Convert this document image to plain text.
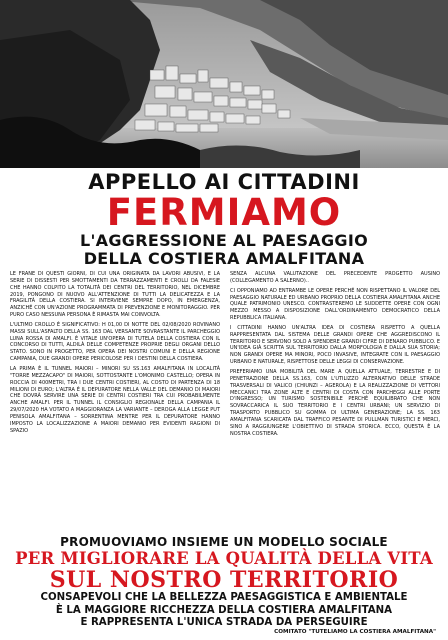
APPELLO AI CITTADINI
FERMIAMO
L'AGGRESSIONE AL PAESAGGIO
DELLA COSTIERA AMALFITANA

LE FRANE DI QUESTI GIORNI, DI CUI UNA ORIGINATA DA LAVORI ABUSIVI, E LA SERIE DI DISSESTI PER SMOTTAMENTI DA TERRAZZAMENTI E CROLLI DA FALESIE CHE HANNO COLPITO LA TOTALITÀ DEI CENTRI DEL TERRITORIO, NEL DICEMBRE 2019, PONGONO DI NUOVO ALL'ATTENZIONE DI TUTTI LA DELICATEZZA E LA FRAGILITÀ DELLA COSTIERA. SI INTERVIENE SEMPRE DOPO, IN EMERGENZA, ANZICHÉ CON UN'AZIONE PROGRAMMATA DI PREVENZIONE E MONITORAGGIO. PER PURO CASO NESSUNA PERSONA È RIMASTA MAI COINVOLTA.

L'ULTIMO CROLLO È SIGNIFICATIVO: H 01,00 DI NOTTE DEL 02/08/2020 ROVINANO MASSI SULL'ASFALTO DELLA SS. 163 DAL VERSANTE SOVRASTANTE IL PARCHEGGIO LUNA ROSSA DI AMALFI. È VITALE UN'OPERA DI TUTELA DELLA COSTIERA CON IL CONCORSO DI TUTTI, ALDILÀ DELLE COMPETENZE PROPRIE DEGLI ORGANI DELLO STATO. SONO IN PROGETTO, PER OPERA DEI NOSTRI COMUNI E DELLA REGIONE CAMPANIA, DUE GRANDI OPERE PERICOLOSE PER I DESTINI DELLA COSTIERA.

LA PRIMA È IL TUNNEL MAIORI – MINORI SU SS.163 AMALFITANA IN LOCALITÀ "TORRE MEZZACAPO" DI MAIORI, SOTTOSTANTE L'OMONIMO CASTELLO; OPERA IN ROCCIA DI 400METRI, TRA I DUE CENTRI COSTIERI, AL COSTO DI PARTENZA DI 18 MILIONI DI EURO; L'ALTRA È IL DEPURATORE NELLA VALLE DEL DEMANIO DI MAIORI CHE DOVRÀ SERVIRE UNA SERIE DI CENTRI COSTIERI TRA CUI PROBABILMENTE ANCHE AMALFI. PER IL TUNNEL IL CONSIGLIO REGIONALE DELLA CAMPANIA IL 29/07/2020 HA VOTATO A MAGGIORANZA LA VARIANTE – DEROGA ALLA LEGGE PUT PENISOLA AMALFITANA – SORRENTINA MENTRE PER IL DEPURATORE HANNO IMPOSTO LA LOCALIZZAZIONE A MAIORI DEMANIO PER EVIDENTI RAGIONI DI SPAZIO

SENZA ALCUNA VALUTAZIONE DEL PRECEDENTE PROGETTO AUSINO (COLLEGAMENTO A SALERNO)..

CI OPPONIAMO AD ENTRAMBE LE OPERE PERCHÉ NON RISPETTANO IL VALORE DEL PAESAGGIO NATURALE ED URBANO PROPRIO DELLA COSTIERA AMALFITANA ANCHE QUALE PATRIMONIO UNESCO. CONTRASTEREMO LE SUDDETTE OPERE CON OGNI MEZZO MESSO A DISPOSIZIONE DALL'ORDINAMENTO DEMOCRATICO DELLA REPUBBLICA ITALIANA.

I CITTADINI HANNO UN'ALTRA IDEA DI COSTIERA RISPETTO A QUELLA RAPPRESENTATA DAL SISTEMA DELLE GRANDI OPERE CHE AGGREDISCONO IL TERRITORIO E SERVONO SOLO A SPENDERE GRANDI CIFRE DI DENARO PUBBLICO. E UN'IDEA GIÀ SCRITTA SUL TERRITORIO DALLA MORFOLOGIA E DALLA SUA STORIA; NON GRANDI OPERE MA MINORI, POCO INVASIVE, INTEGRATE CON IL PAESAGGIO URBANO E NATURALE, RISPETTOSE DELLE LEGGI DI CONSERVAZIONE.

PREFERIAMO UNA MOBILITÀ DEL MARE A QUELLA ATTUALE, TERRESTRE E DI PENETRAZIONE DELLA SS.163, CON L'UTILIZZO ALTERNATIVO DELLE STRADE TRASVERSALI DI VALICO (CHIUNZI – AGEROLA) E LA REALIZZAZIONE DI VETTORI MECCANICI TRA ZONE ALTE E CENTRI DI COSTA CON PARCHEGGI ALLE PORTE D'INGRESSO; UN TURISMO SOSTENIBILE PERCHÉ EQUILIBRATO CHE NON SOVRACCARICA IL SUO TERRITORIO E I CENTRI URBANI; UN SERVIZIO DI TRASPORTO PUBBLICO SU GOMMA DI ULTIMA GENERAZIONE; LA SS. 163 AMALFITANA SCARICATA DAL TRAFFICO PESANTE DI PULLMAN TURISTICI E MERCI, SINO A RAGGIUNGERE L'OBIETTIVO DI STRADA STORICA. ECCO, QUESTA È LA NOSTRA COSTIERA.

PROMUOVIAMO INSIEME UN MODELLO SOCIALE
PER MIGLIORARE LA QUALITÀ DELLA VITA
SUL NOSTRO TERRITORIO
CONSAPEVOLI CHE LA BELLEZZA PAESAGGISTICA E AMBIENTALE
È LA MAGGIORE RICCHEZZA DELLA COSTIERA AMALFITANA
E RAPPRESENTA L'UNICA STRADA DA PERSEGUIRE
COMITATO "TUTELIAMO LA COSTIERA AMALFITANA"
